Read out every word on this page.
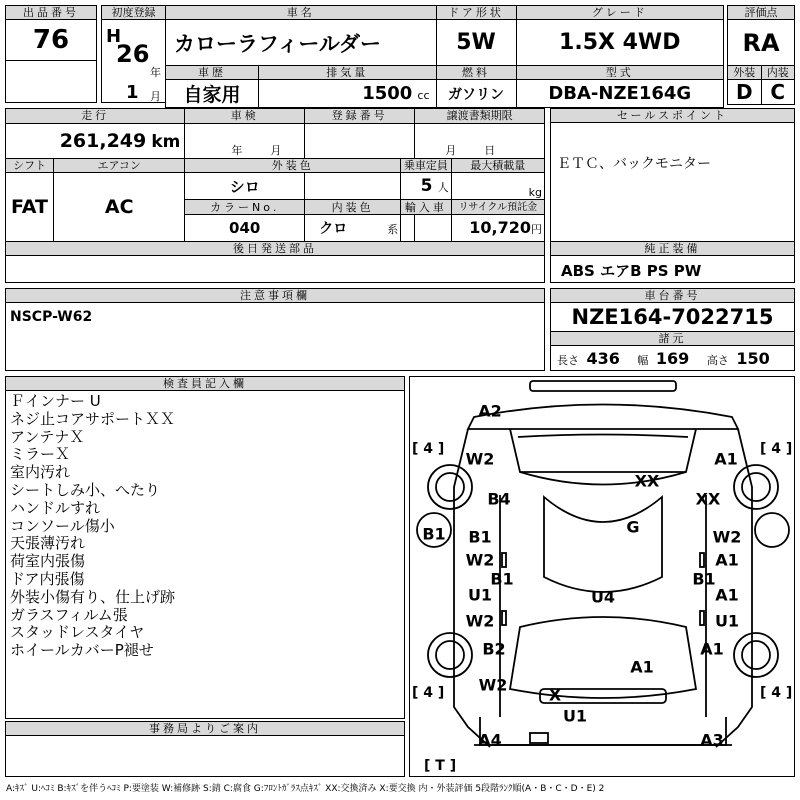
出品番号
76
初度登録
H
26
年
1 月
車名		ドア形状	グレード
カローラフィールダー		5W	1.5X 4WD
車歴	排気量	燃料	型式
自家用	1500 cc	ガソリン	DBA-NZE164G
評価点	
RA	
外装	内装
D	C
走行		車検	登録番号		譲渡書類期限	
261,249 km		年 月			月 日	
シフト	エアコン	外装色		乗車定員		最大積載量
FAT	AC	シロ		5 人		kg
		カラーNo.	内装色	輸入車		リサイクル預託金
		040	クロ 系			10,720円
後日発送部品
セールスポイント
ＥＴＣ、バックモニター
純正装備
ABS エアB PS PW
注意事項欄
NSCP-W62
車台番号
NZE164-7022715
諸元
長さ 436 幅 169 高さ 150
検査員記入欄
Ｆインナー U
ネジ止コアサポートＸＸ
アンテナＸ
ミラーＸ
室内汚れ
シートしみ小、へたり
ハンドルすれ
コンソール傷小
天張薄汚れ
荷室内張傷
ドア内張傷
外装小傷有り、仕上げ跡
ガラスフィルム張
スタッドレスタイヤ
ホイールカバーP褪せ
事務局よりご案内
A2
W2	A1
XX
B4	XX
G
B1 B1
W2
W2
A1
B1	B1
U1	U4	A1
W2	U1
B2	A1
A1
W2
X
U1
A4	A3
[ 4 ]	[ 4 ]
[ 4 ]	[ 4 ]
[ T ]
A:ｷｽﾞ U:ﾍｺﾐ B:ｷｽﾞを伴うﾍｺﾐ P:要塗装 W:補修跡 S:錆 C:腐食 G:ﾌﾛﾝﾄｶﾞﾗｽ点ｷｽﾞ XX:交換済み X:要交換 内・外装評価 5段階ﾗﾝｸ順(A・B・C・D・E) 2
